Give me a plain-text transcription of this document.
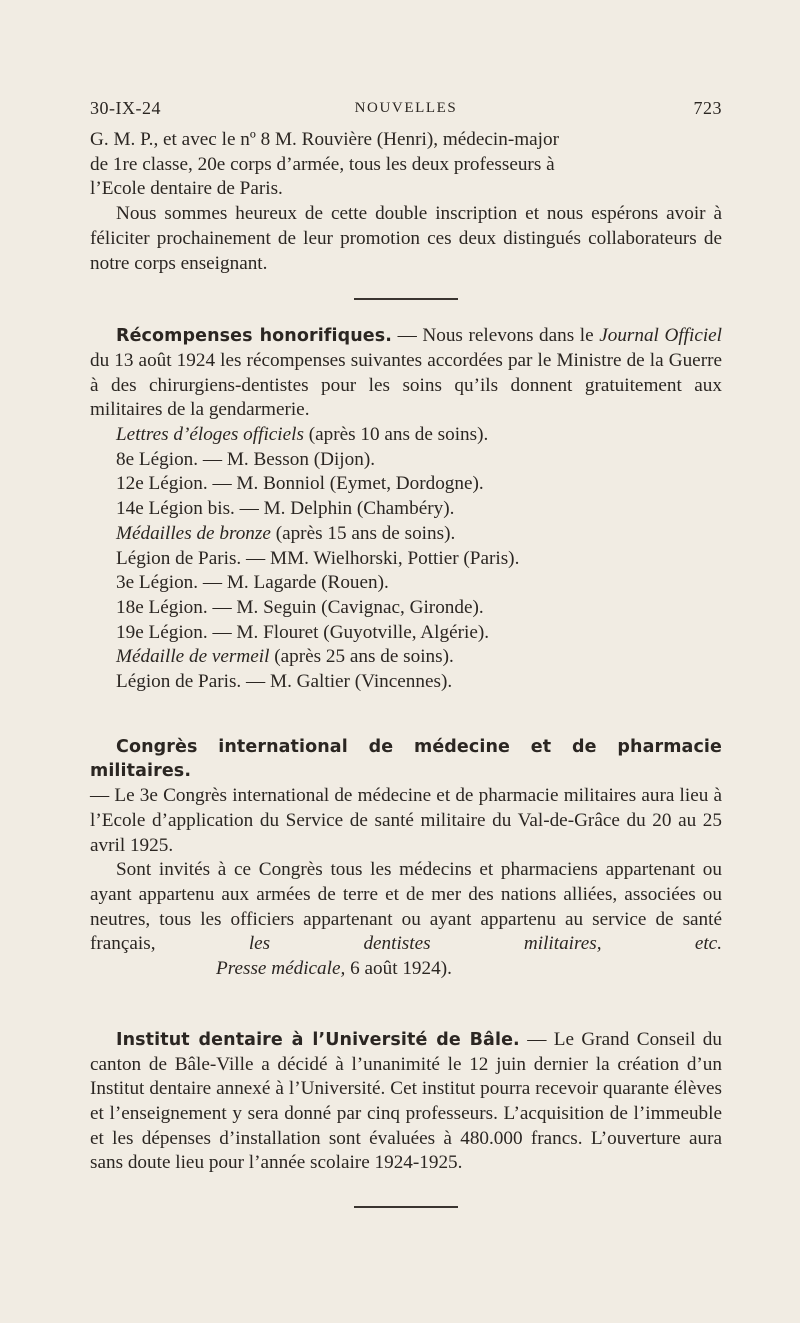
30-IX-24	NOUVELLES	723

G. M. P., et avec le nº 8 M. Rouvière (Henri), médecin-major

de 1re classe, 20e corps d’armée, tous les deux professeurs à

l’Ecole dentaire de Paris.

Nous sommes heureux de cette double inscription et nous espérons avoir à féliciter prochainement de leur promotion ces deux distingués collaborateurs de notre corps enseignant.

Récompenses honorifiques. — Nous relevons dans le Journal Officiel du 13 août 1924 les récompenses suivantes accordées par le Ministre de la Guerre à des chirurgiens-dentistes pour les soins qu’ils donnent gratuitement aux militaires de la gendarmerie.

Lettres d’éloges officiels (après 10 ans de soins).

8e Légion. — M. Besson (Dijon).

12e Légion. — M. Bonniol (Eymet, Dordogne).

14e Légion bis. — M. Delphin (Chambéry).

Médailles de bronze (après 15 ans de soins).

Légion de Paris. — MM. Wielhorski, Pottier (Paris).

3e Légion. — M. Lagarde (Rouen).

18e Légion. — M. Seguin (Cavignac, Gironde).

19e Légion. — M. Flouret (Guyotville, Algérie).

Médaille de vermeil (après 25 ans de soins).

Légion de Paris. — M. Galtier (Vincennes).

Congrès international de médecine et de pharmacie militaires.

— Le 3e Congrès international de médecine et de pharmacie militaires aura lieu à l’Ecole d’application du Service de santé militaire du Val-de-Grâce du 20 au 25 avril 1925.

Sont invités à ce Congrès tous les médecins et pharmaciens appartenant ou ayant appartenu aux armées de terre et de mer des nations alliées, associées ou neutres, tous les officiers appartenant ou ayant appartenu au service de santé français, les dentistes militaires, etc.Presse médicale, 6 août 1924).

Institut dentaire à l’Université de Bâle. — Le Grand Conseil du canton de Bâle-Ville a décidé à l’unanimité le 12 juin dernier la création d’un Institut dentaire annexé à l’Université. Cet institut pourra recevoir quarante élèves et l’enseignement y sera donné par cinq professeurs. L’acquisition de l’immeuble et les dépenses d’installation sont évaluées à 480.000 francs. L’ouverture aura sans doute lieu pour l’année scolaire 1924-1925.
